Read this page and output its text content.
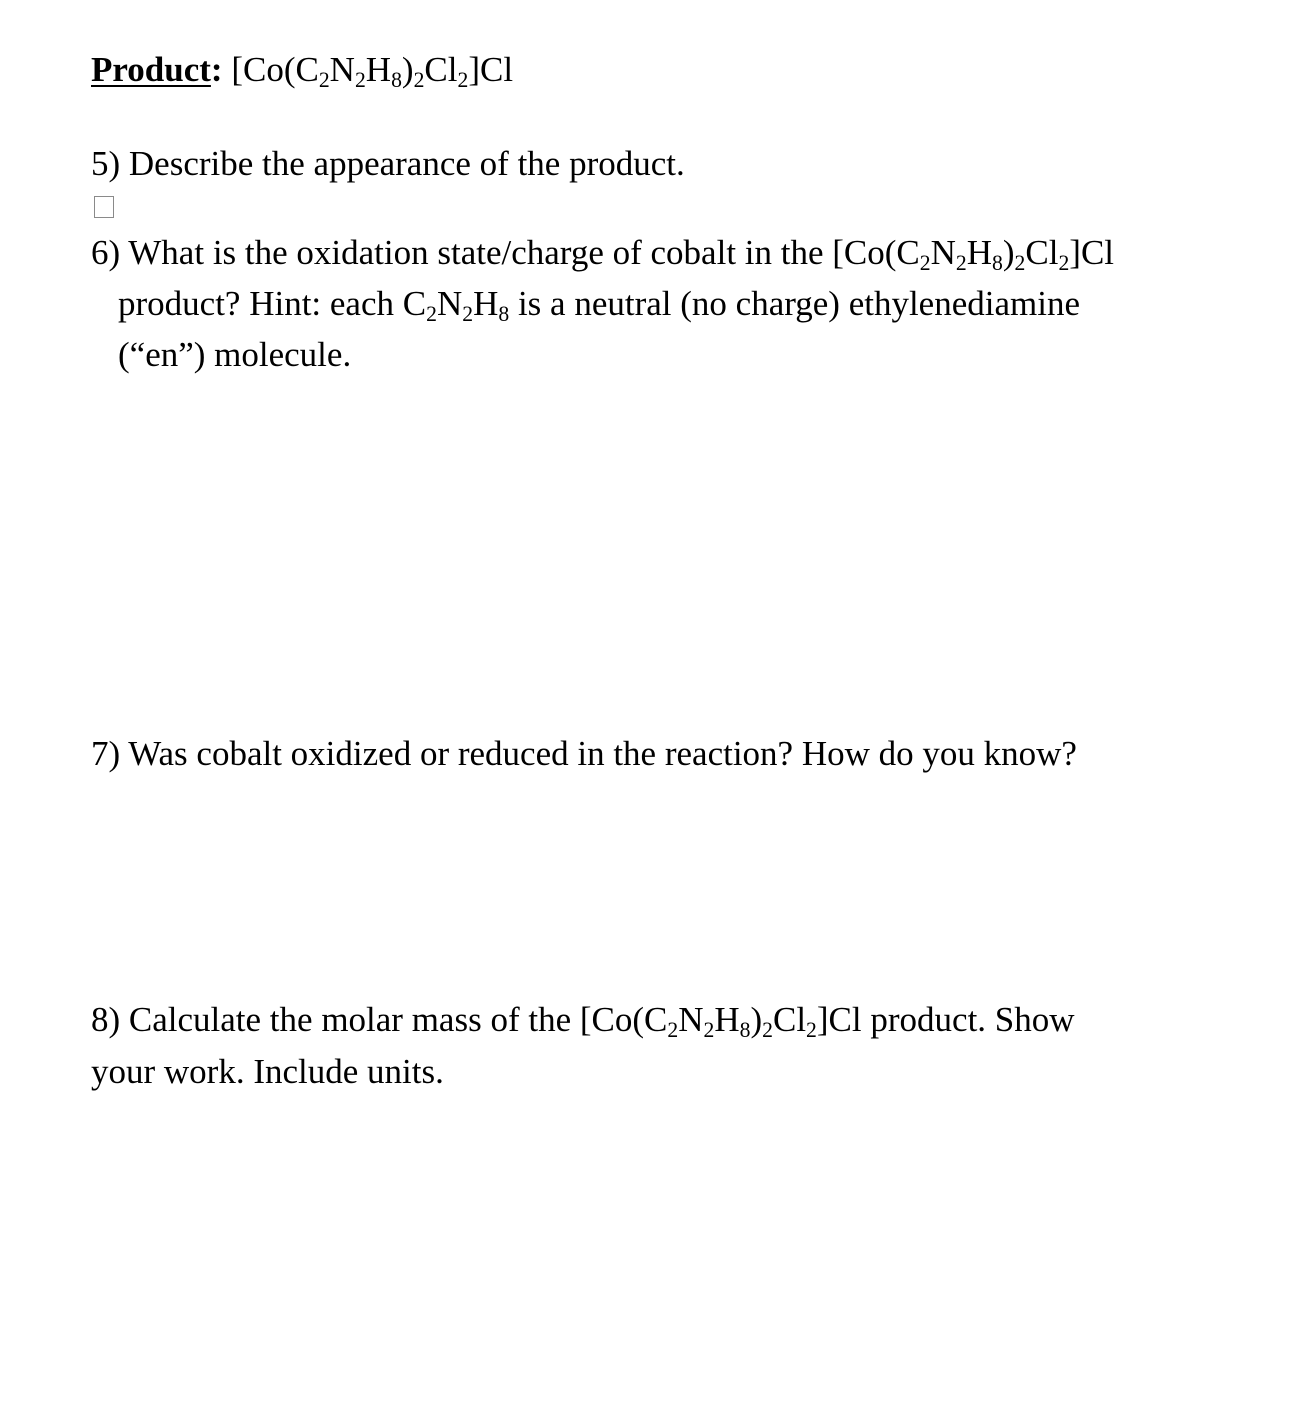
Product: $[Co(C_2N_2H_8)_2Cl_2]Cl$
5) Describe the appearance of the product.
6) What is the oxidation state/charge of cobalt in the $[Co(C_2N_2H_8)_2Cl_2]Cl$
product? Hint: each $C_2N_2H_8$ is a neutral (no charge) ethylenediamine
(“en”) molecule.
7) Was cobalt oxidized or reduced in the reaction? How do you know?
8) Calculate the molar mass of the $[Co(C_2N_2H_8)_2Cl_2]Cl$ product. Show
your work. Include units.
